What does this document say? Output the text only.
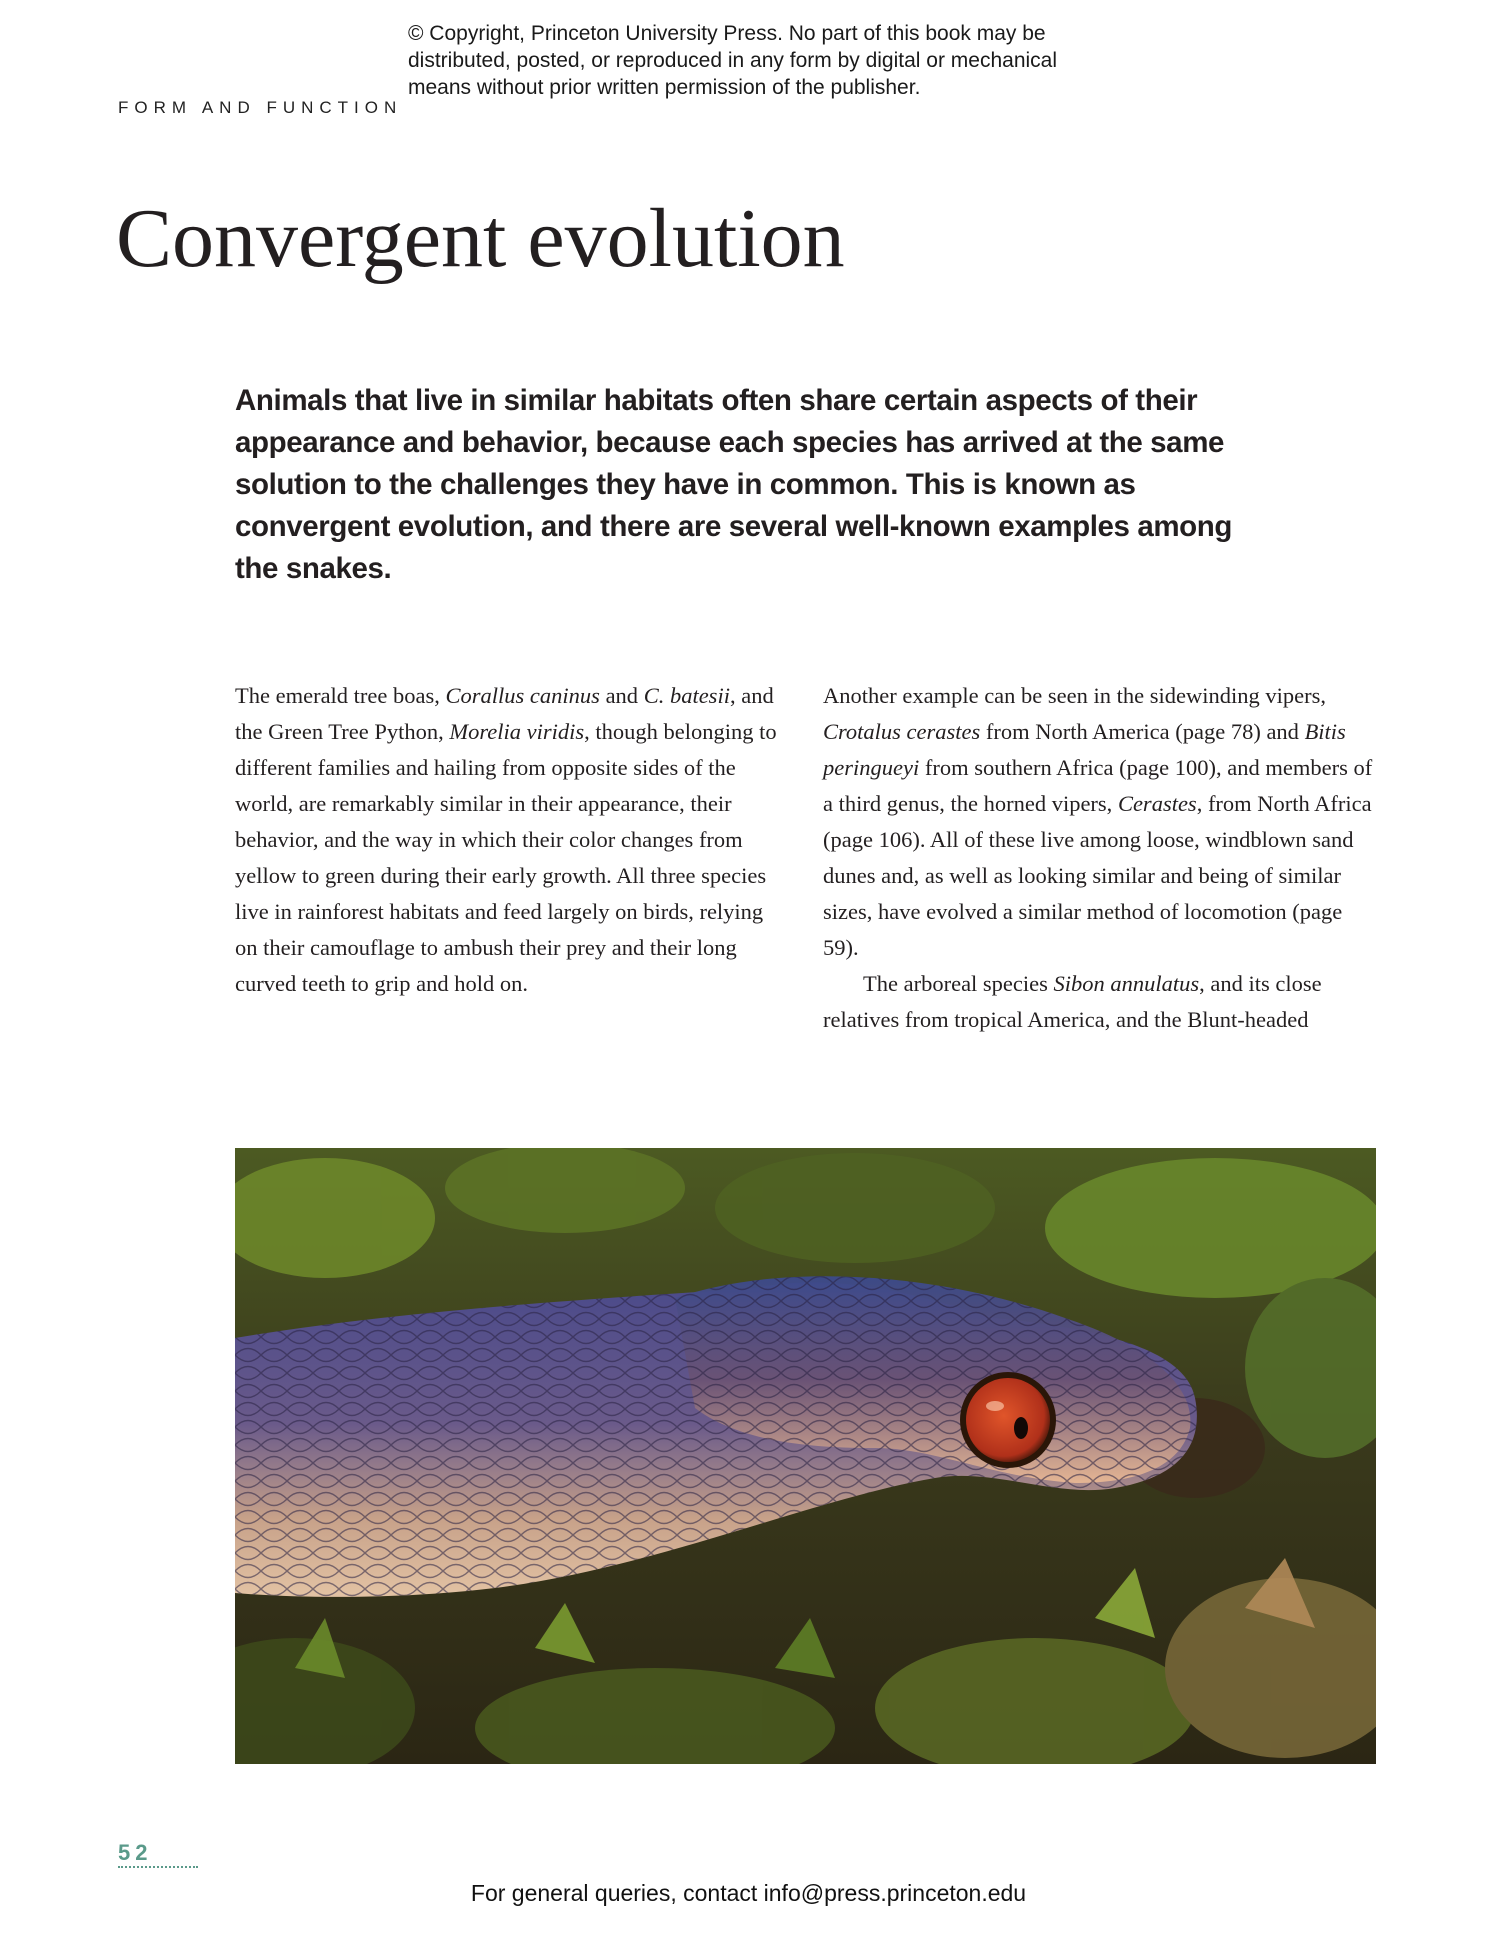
© Copyright, Princeton University Press. No part of this book may be
distributed, posted, or reproduced in any form by digital or mechanical
means without prior written permission of the publisher.
FORM AND FUNCTION
Convergent evolution
Animals that live in similar habitats often share certain aspects of their appearance and behavior, because each species has arrived at the same solution to the challenges they have in common. This is known as convergent evolution, and there are several well-known examples among the snakes.

The emerald tree boas, Corallus caninus and C. batesii, and the Green Tree Python, Morelia viridis, though belonging to different families and hailing from opposite sides of the world, are remarkably similar in their appearance, their behavior, and the way in which their color changes from yellow to green during their early growth. All three species live in rainforest habitats and feed largely on birds, relying on their camouflage to ambush their prey and their long curved teeth to grip and hold on.

Another example can be seen in the sidewinding vipers, Crotalus cerastes from North America (page 78) and Bitis peringueyi from southern Africa (page 100), and members of a third genus, the horned vipers, Cerastes, from North Africa (page 106). All of these live among loose, windblown sand dunes and, as well as looking similar and being of similar sizes, have evolved a similar method of locomotion (page 59).

The arboreal species Sibon annulatus, and its close relatives from tropical America, and the Blunt-headed

52
For general queries, contact info@press.princeton.edu
